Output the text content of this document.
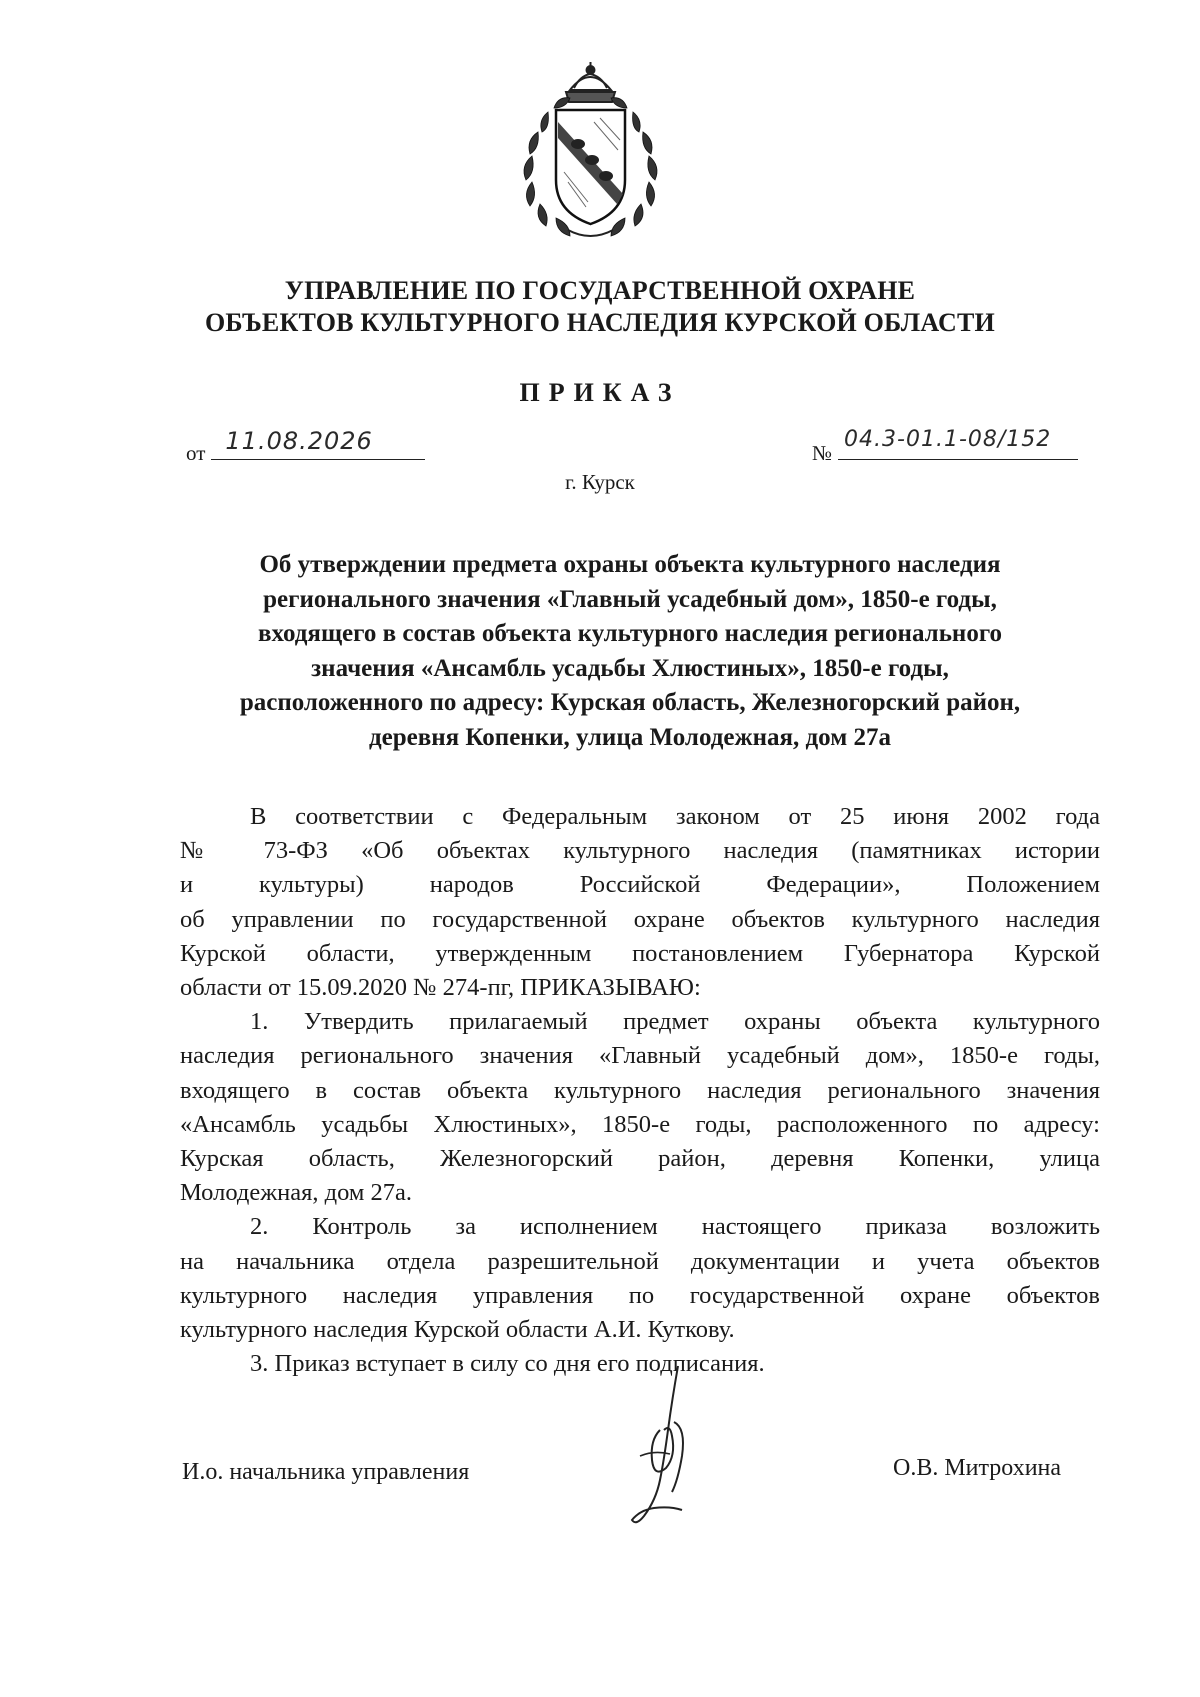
УПРАВЛЕНИЕ ПО ГОСУДАРСТВЕННОЙ ОХРАНЕ
ОБЪЕКТОВ КУЛЬТУРНОГО НАСЛЕДИЯ КУРСКОЙ ОБЛАСТИ
ПРИКАЗ
от 11.08.2026	№
04.3-01.1-08/152
г. Курск
Об утверждении предмета охраны объекта культурного наследия
регионального значения «Главный усадебный дом», 1850-е годы,
входящего в состав объекта культурного наследия регионального
значения «Ансамбль усадьбы Хлюстиных», 1850-е годы,
расположенного по адресу: Курская область, Железногорский район,
деревня Копенки, улица Молодежная, дом 27а
В соответствии с Федеральным законом от 25 июня 2002 года
№ 73-ФЗ «Об объектах культурного наследия (памятниках истории
и культуры) народов Российской Федерации», Положением
об управлении по государственной охране объектов культурного наследия
Курской области, утвержденным постановлением Губернатора Курской
области от 15.09.2020 № 274-пг, ПРИКАЗЫВАЮ:
1. Утвердить прилагаемый предмет охраны объекта культурного
наследия регионального значения «Главный усадебный дом», 1850-е годы,
входящего в состав объекта культурного наследия регионального значения
«Ансамбль усадьбы Хлюстиных», 1850-е годы, расположенного по адресу:
Курская область, Железногорский район, деревня Копенки, улица
Молодежная, дом 27а.
2. Контроль за исполнением настоящего приказа возложить
на начальника отдела разрешительной документации и учета объектов
культурного наследия управления по государственной охране объектов
культурного наследия Курской области А.И. Куткову.
3. Приказ вступает в силу со дня его подписания.
И.о. начальника управления	О.В. Митрохина
